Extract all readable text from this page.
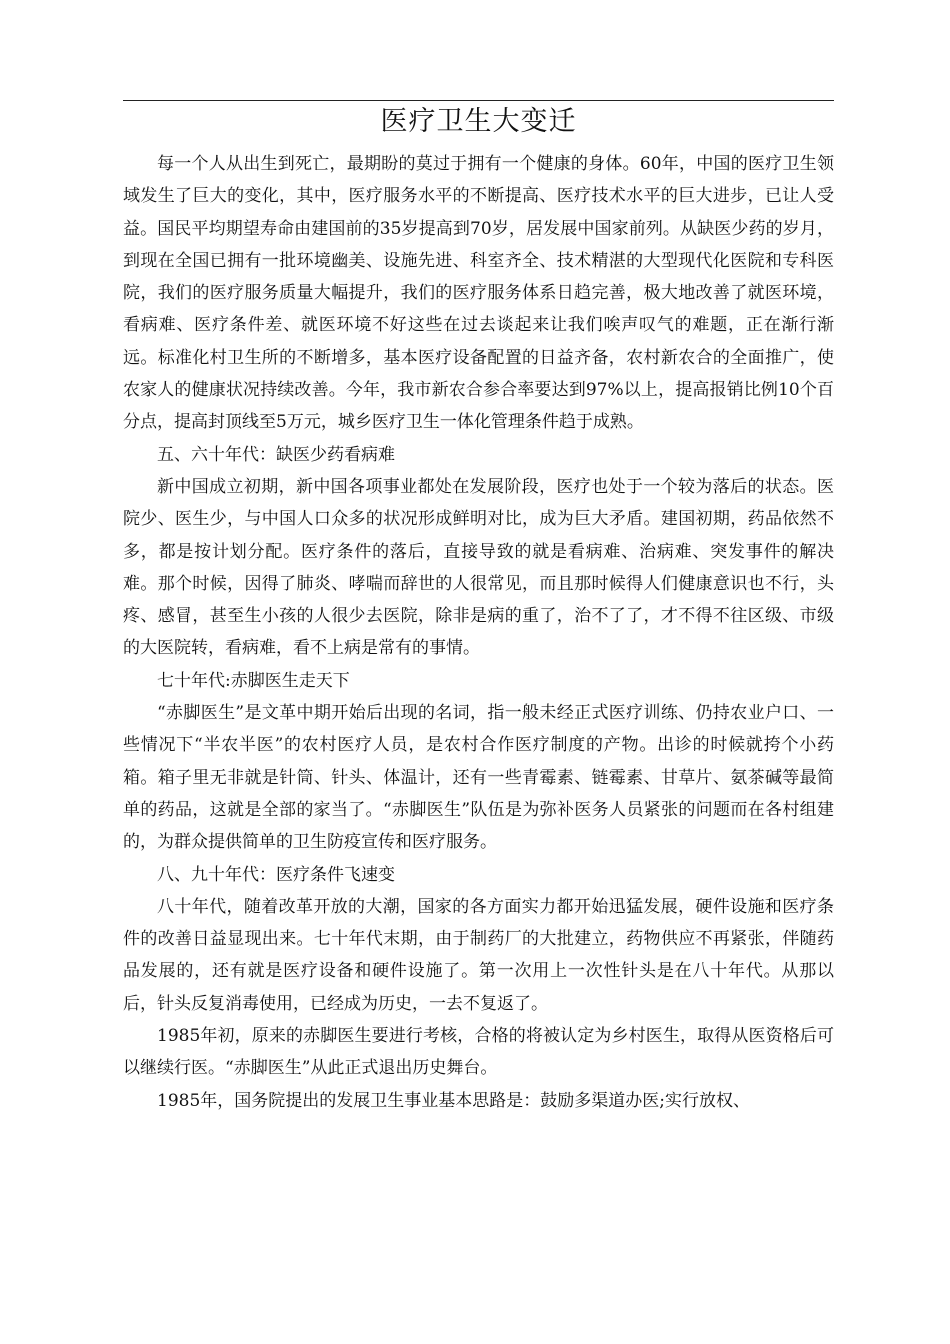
医疗卫生大变迁

每一个人从出生到死亡，最期盼的莫过于拥有一个健康的身体。60年，中国的医疗卫生领域发生了巨大的变化，其中，医疗服务水平的不断提高、医疗技术水平的巨大进步，已让人受益。国民平均期望寿命由建国前的35岁提高到70岁，居发展中国家前列。从缺医少药的岁月，到现在全国已拥有一批环境幽美、设施先进、科室齐全、技术精湛的大型现代化医院和专科医院，我们的医疗服务质量大幅提升，我们的医疗服务体系日趋完善，极大地改善了就医环境，看病难、医疗条件差、就医环境不好这些在过去谈起来让我们唉声叹气的难题，正在渐行渐远。标准化村卫生所的不断增多，基本医疗设备配置的日益齐备，农村新农合的全面推广，使农家人的健康状况持续改善。今年，我市新农合参合率要达到97%以上，提高报销比例10个百分点，提高封顶线至5万元，城乡医疗卫生一体化管理条件趋于成熟。

五、六十年代：缺医少药看病难

新中国成立初期，新中国各项事业都处在发展阶段，医疗也处于一个较为落后的状态。医院少、医生少，与中国人口众多的状况形成鲜明对比，成为巨大矛盾。建国初期，药品依然不多，都是按计划分配。医疗条件的落后，直接导致的就是看病难、治病难、突发事件的解决难。那个时候，因得了肺炎、哮喘而辞世的人很常见，而且那时候得人们健康意识也不行，头疼、感冒，甚至生小孩的人很少去医院，除非是病的重了，治不了了，才不得不往区级、市级的大医院转，看病难，看不上病是常有的事情。

七十年代:赤脚医生走天下

“赤脚医生”是文革中期开始后出现的名词，指一般未经正式医疗训练、仍持农业户口、一些情况下“半农半医”的农村医疗人员，是农村合作医疗制度的产物。出诊的时候就挎个小药箱。箱子里无非就是针筒、针头、体温计，还有一些青霉素、链霉素、甘草片、氨茶碱等最简单的药品，这就是全部的家当了。“赤脚医生”队伍是为弥补医务人员紧张的问题而在各村组建的，为群众提供简单的卫生防疫宣传和医疗服务。

八、九十年代：医疗条件飞速变

八十年代，随着改革开放的大潮，国家的各方面实力都开始迅猛发展，硬件设施和医疗条件的改善日益显现出来。七十年代末期，由于制药厂的大批建立，药物供应不再紧张，伴随药品发展的，还有就是医疗设备和硬件设施了。第一次用上一次性针头是在八十年代。从那以后，针头反复消毒使用，已经成为历史，一去不复返了。

1985年初，原来的赤脚医生要进行考核，合格的将被认定为乡村医生，取得从医资格后可以继续行医。“赤脚医生”从此正式退出历史舞台。

1985年，国务院提出的发展卫生事业基本思路是：鼓励多渠道办医;实行放权、
